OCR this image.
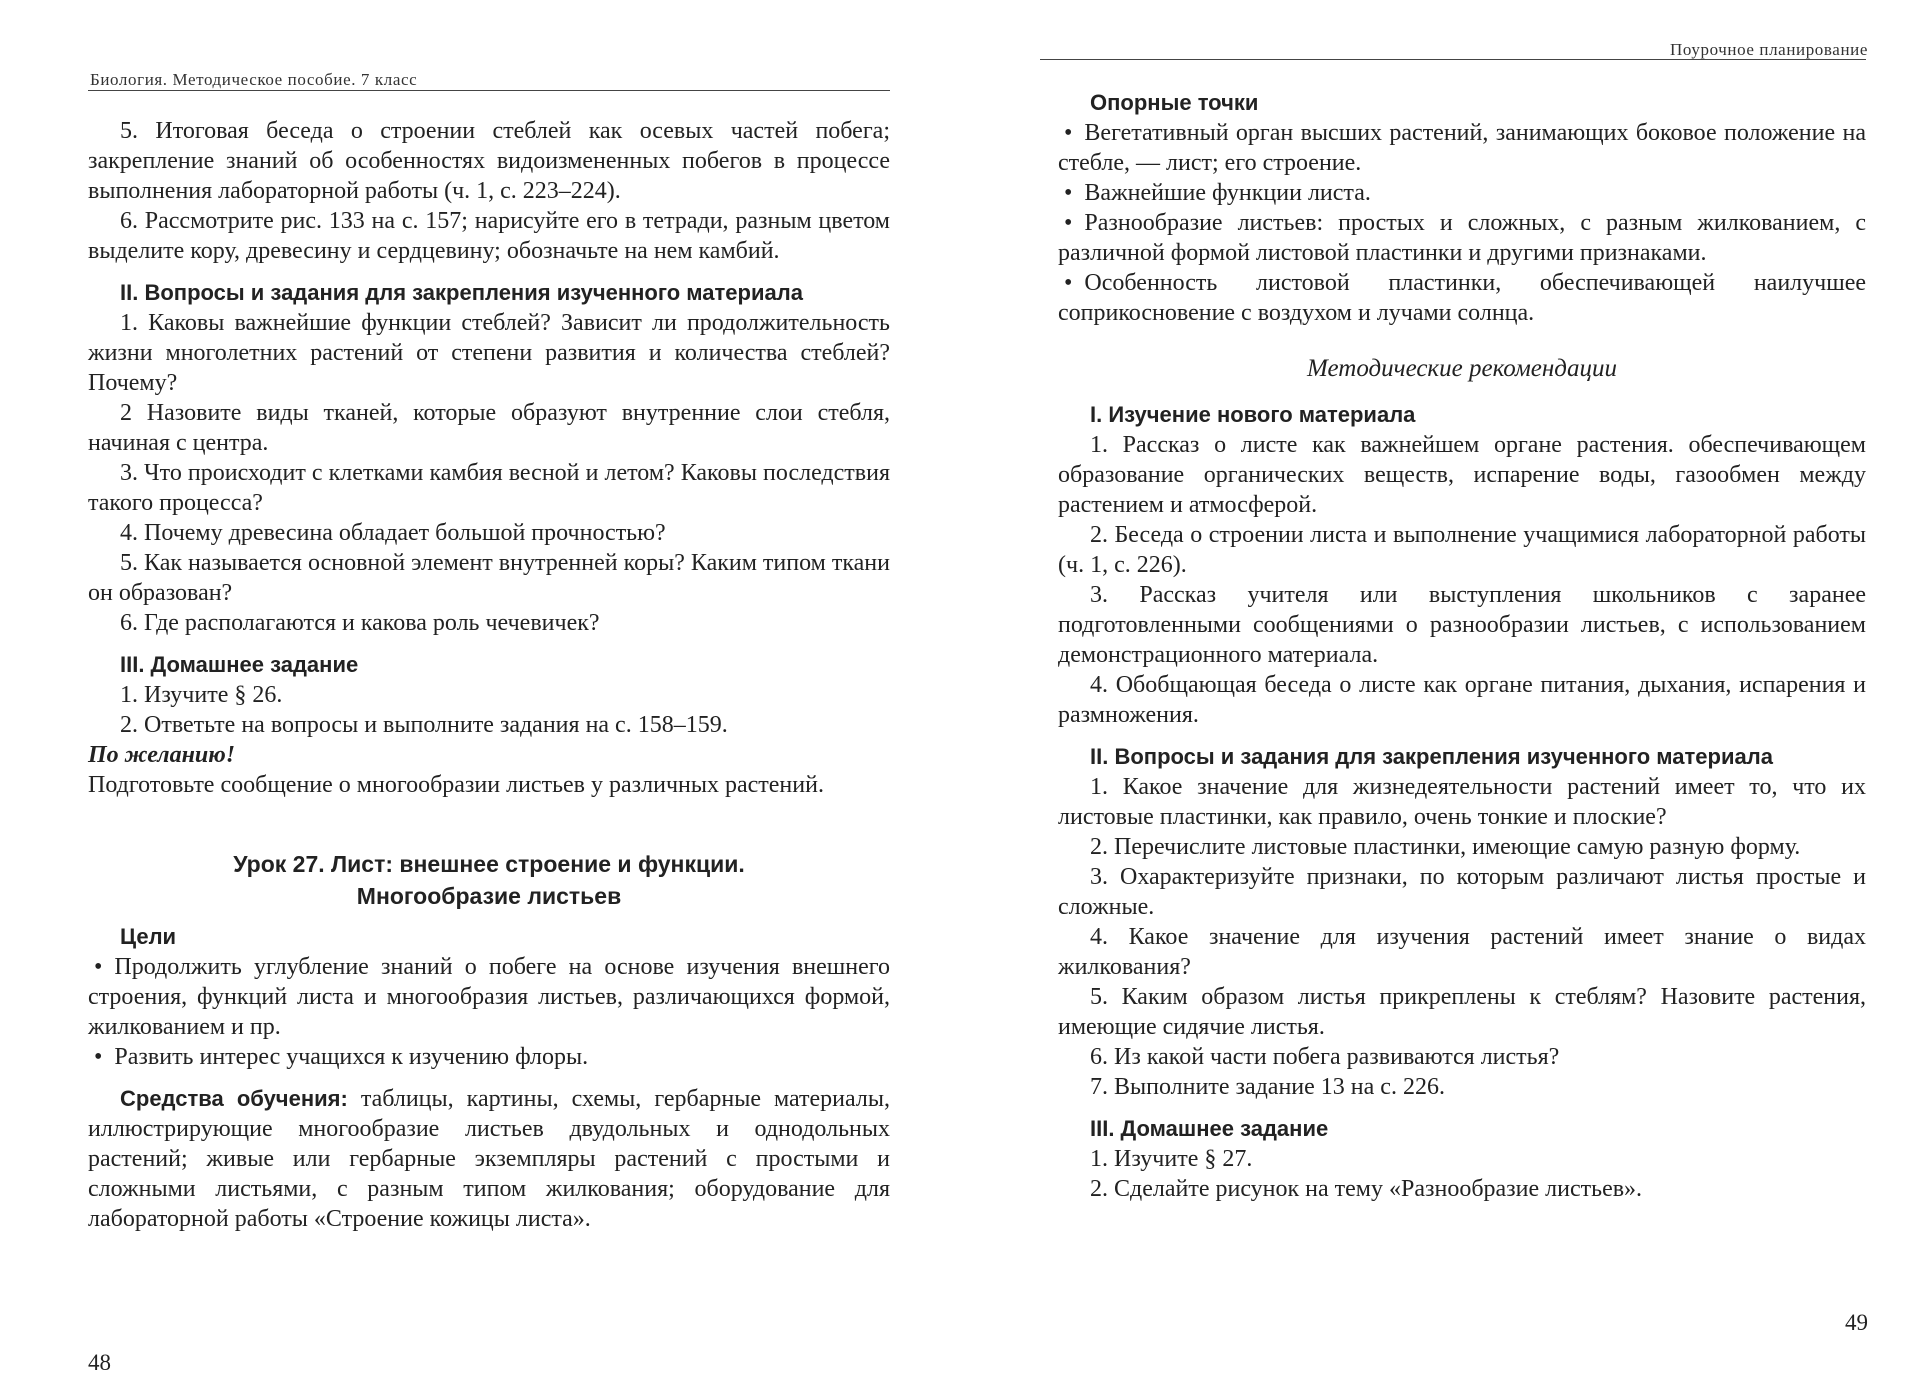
Биология. Методическое пособие. 7 класс

5. Итоговая беседа о строении стеблей как осевых частей побега; закрепление знаний об особенностях видоизмененных побегов в процессе выполнения лабораторной работы (ч. 1, с. 223–224).

6. Рассмотрите рис. 133 на с. 157; нарисуйте его в тетради, разным цветом выделите кору, древесину и сердцевину; обозначьте на нем камбий.

II. Вопросы и задания для закрепления изученного материала

1. Каковы важнейшие функции стеблей? Зависит ли продолжительность жизни многолетних растений от степени развития и количества стеблей? Почему?

2 Назовите виды тканей, которые образуют внутренние слои стебля, начиная с центра.

3. Что происходит с клетками камбия весной и летом? Каковы последствия такого процесса?

4. Почему древесина обладает большой прочностью?

5. Как называется основной элемент внутренней коры? Каким типом ткани он образован?

6. Где располагаются и какова роль чечевичек?

III. Домашнее задание

1. Изучите § 26.

2. Ответьте на вопросы и выполните задания на с. 158–159.

По желанию!

Подготовьте сообщение о многообразии листьев у различных растений.

Урок 27. Лист: внешнее строение и функции.
Многообразие листьев
Цели

• Продолжить углубление знаний о побеге на основе изучения внешнего строения, функций листа и многообразия листьев, различающихся формой, жилкованием и пр.

• Развить интерес учащихся к изучению флоры.

Средства обучения: таблицы, картины, схемы, гербарные материалы, иллюстрирующие многообразие листьев двудольных и однодольных растений; живые или гербарные экземпляры растений с простыми и сложными листьями, с разным типом жилкования; оборудование для лабораторной работы «Строение кожицы листа».

48
Поурочное планирование
Опорные точки

• Вегетативный орган высших растений, занимающих боковое положение на стебле, — лист; его строение.

• Важнейшие функции листа.

• Разнообразие листьев: простых и сложных, с разным жилкованием, с различной формой листовой пластинки и другими признаками.

• Особенность листовой пластинки, обеспечивающей наилучшее соприкосновение с воздухом и лучами солнца.

Методические рекомендации
I. Изучение нового материала

1. Рассказ о листе как важнейшем органе растения. обеспечивающем образование органических веществ, испарение воды, газообмен между растением и атмосферой.

2. Беседа о строении листа и выполнение учащимися лабораторной работы (ч. 1, с. 226).

3. Рассказ учителя или выступления школьников с заранее подготовленными сообщениями о разнообразии листьев, с использованием демонстрационного материала.

4. Обобщающая беседа о листе как органе питания, дыхания, испарения и размножения.

II. Вопросы и задания для закрепления изученного материала

1. Какое значение для жизнедеятельности растений имеет то, что их листовые пластинки, как правило, очень тонкие и плоские?

2. Перечислите листовые пластинки, имеющие самую разную форму.

3. Охарактеризуйте признаки, по которым различают листья простые и сложные.

4. Какое значение для изучения растений имеет знание о видах жилкования?

5. Каким образом листья прикреплены к стеблям? Назовите растения, имеющие сидячие листья.

6. Из какой части побега развиваются листья?

7. Выполните задание 13 на с. 226.

III. Домашнее задание

1. Изучите § 27.

2. Сделайте рисунок на тему «Разнообразие листьев».

49
